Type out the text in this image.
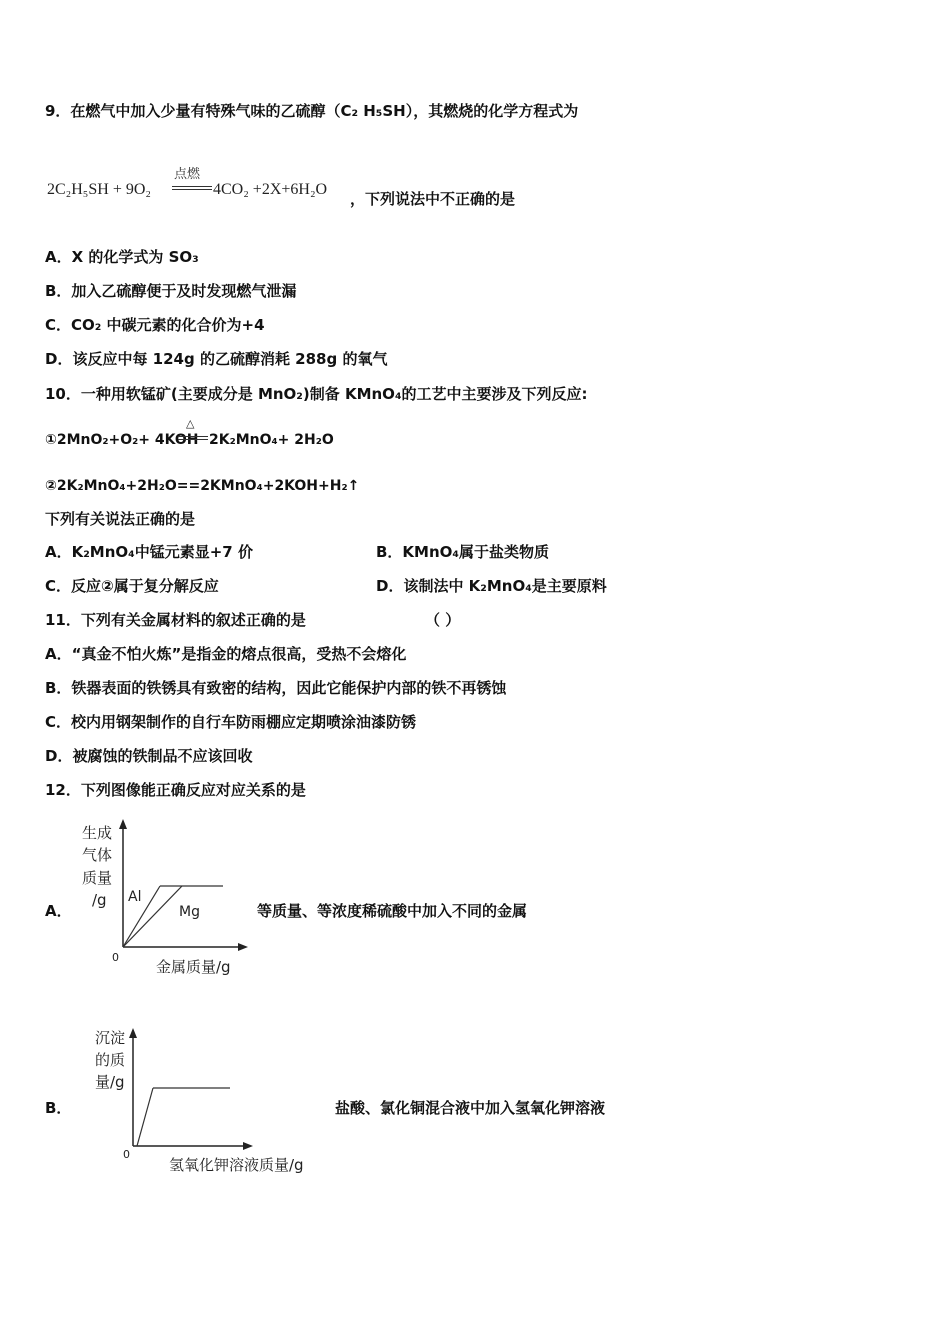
9．在燃气中加入少量有特殊气味的乙硫醇（C₂ H₅SH），其燃烧的化学方程式为
2C₂H₅SH + 9O₂
点燃
4CO₂ +2X+6H₂O
，下列说法中不正确的是
A．X 的化学式为 SO₃
B．加入乙硫醇便于及时发现燃气泄漏
C．CO₂ 中碳元素的化合价为+4
D．该反应中每 124g 的乙硫醇消耗 288g 的氧气
10．一种用软锰矿(主要成分是 MnO₂)制备 KMnO₄的工艺中主要涉及下列反应:
①2MnO₂+O₂+ 4KOH
△
2K₂MnO₄+ 2H₂O
②2K₂MnO₄+2H₂O==2KMnO₄+2KOH+H₂↑
下列有关说法正确的是
A．K₂MnO₄中锰元素显+7 价	B．KMnO₄属于盐类物质
C．反应②属于复分解反应	D．该制法中 K₂MnO₄是主要原料
11．下列有关金属材料的叙述正确的是	（ ）
A．“真金不怕火炼”是指金的熔点很高，受热不会熔化
B．铁器表面的铁锈具有致密的结构，因此它能保护内部的铁不再锈蚀
C．校内用钢架制作的自行车防雨棚应定期喷涂油漆防锈
D．被腐蚀的铁制品不应该回收
12．下列图像能正确反应对应关系的是
A．
生成
气体
质量
/g Al
Mg
0
金属质量/g
等质量、等浓度稀硫酸中加入不同的金属
B．
沉淀
的质
量/g
0
氢氧化钾溶液质量/g
盐酸、氯化铜混合液中加入氢氧化钾溶液
